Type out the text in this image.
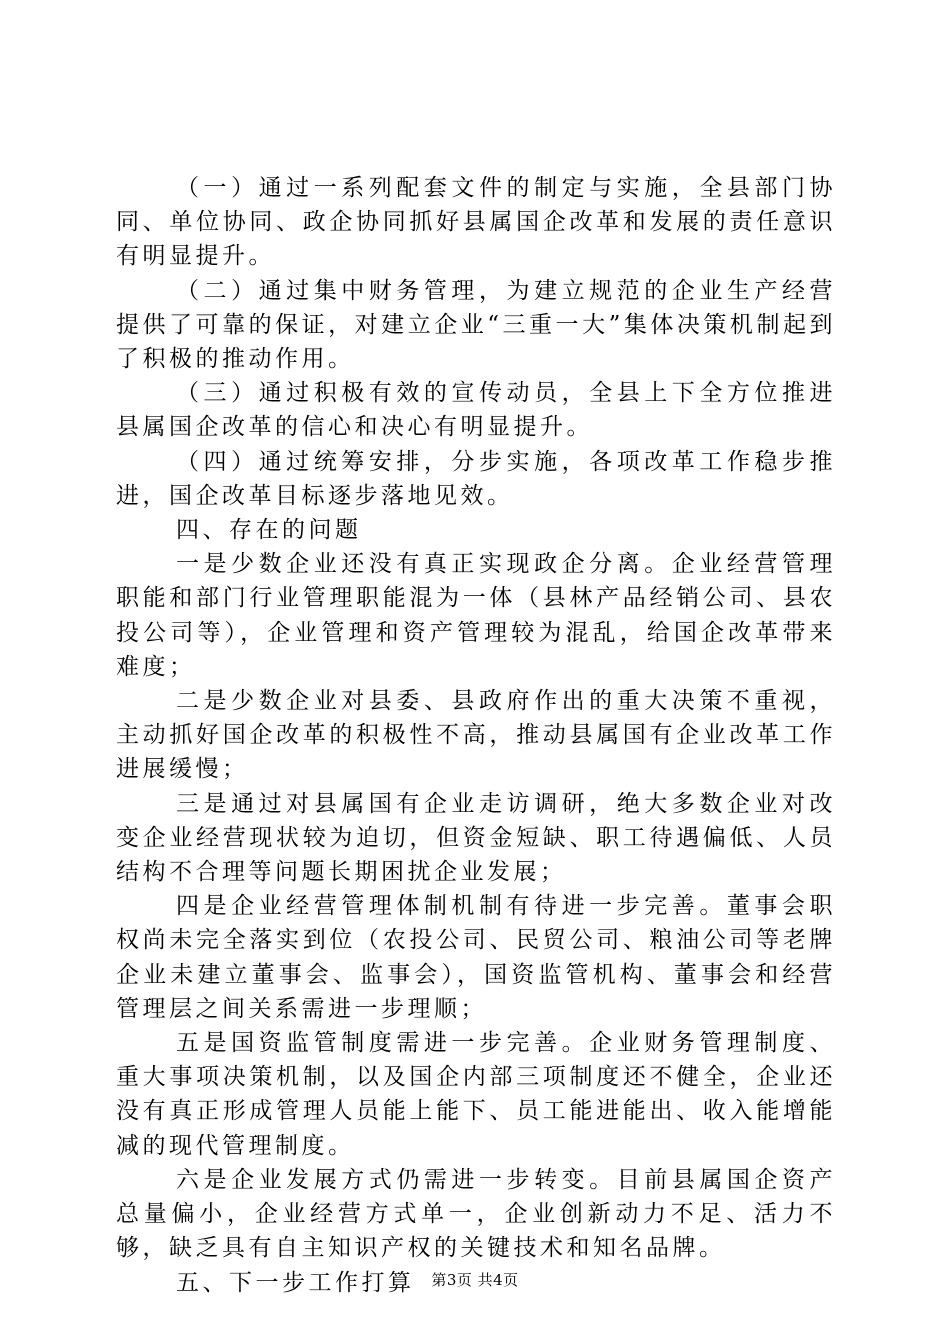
（一）通过一系列配套文件的制定与实施，全县部门协同、单位协同、政企协同抓好县属国企改革和发展的责任意识有明显提升。

（二）通过集中财务管理，为建立规范的企业生产经营提供了可靠的保证，对建立企业“三重一大”集体决策机制起到了积极的推动作用。

（三）通过积极有效的宣传动员，全县上下全方位推进县属国企改革的信心和决心有明显提升。

（四）通过统筹安排，分步实施，各项改革工作稳步推进，国企改革目标逐步落地见效。

四、存在的问题

一是少数企业还没有真正实现政企分离。企业经营管理职能和部门行业管理职能混为一体（县林产品经销公司、县农投公司等），企业管理和资产管理较为混乱，给国企改革带来难度；

二是少数企业对县委、县政府作出的重大决策不重视，主动抓好国企改革的积极性不高，推动县属国有企业改革工作进展缓慢；

三是通过对县属国有企业走访调研，绝大多数企业对改变企业经营现状较为迫切，但资金短缺、职工待遇偏低、人员结构不合理等问题长期困扰企业发展；

四是企业经营管理体制机制有待进一步完善。董事会职权尚未完全落实到位（农投公司、民贸公司、粮油公司等老牌企业未建立董事会、监事会），国资监管机构、董事会和经营管理层之间关系需进一步理顺；

五是国资监管制度需进一步完善。企业财务管理制度、重大事项决策机制，以及国企内部三项制度还不健全，企业还没有真正形成管理人员能上能下、员工能进能出、收入能增能减的现代管理制度。

六是企业发展方式仍需进一步转变。目前县属国企资产总量偏小，企业经营方式单一，企业创新动力不足、活力不够，缺乏具有自主知识产权的关键技术和知名品牌。

五、下一步工作打算	第3页 共4页
